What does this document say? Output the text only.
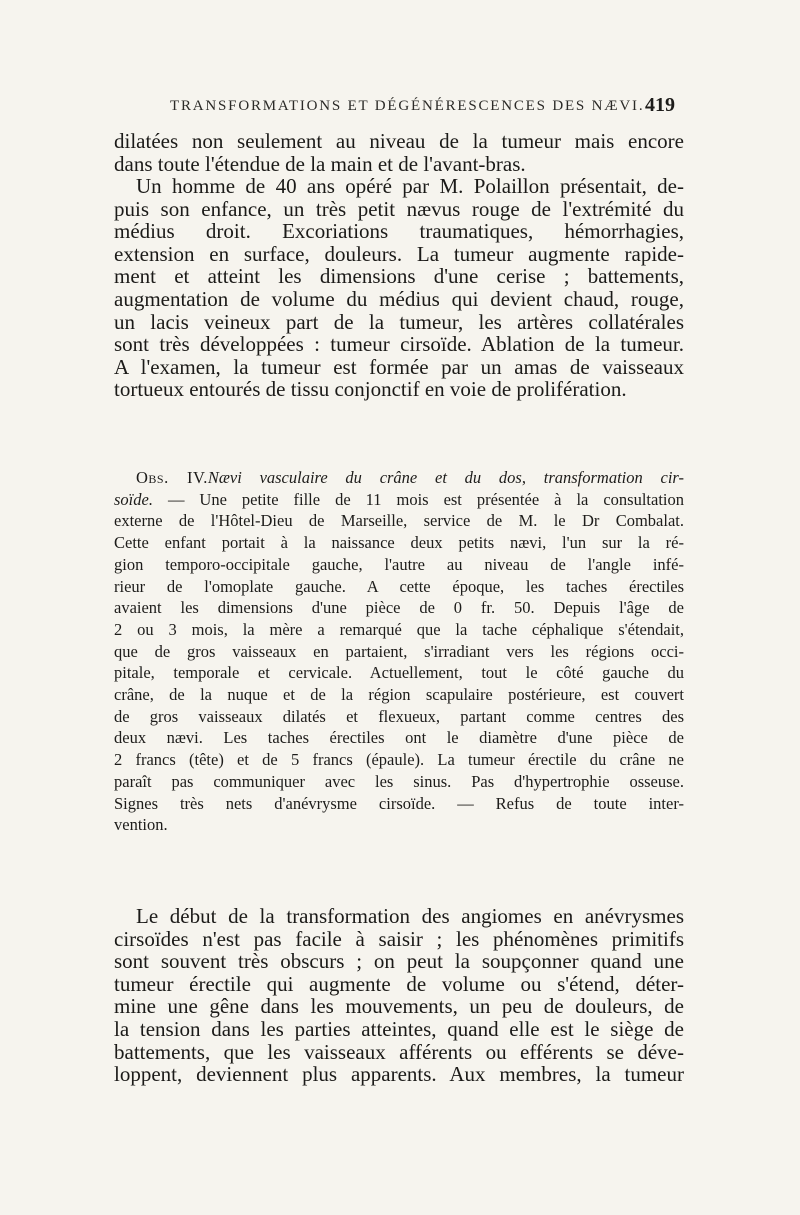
TRANSFORMATIONS ET DÉGÉNÉRESCENCES DES NÆVI. 419
dilatées non seulement au niveau de la tumeur mais encore
dans toute l'étendue de la main et de l'avant-bras.
Un homme de 40 ans opéré par M. Polaillon présentait, de-
puis son enfance, un très petit nævus rouge de l'extrémité du
médius droit. Excoriations traumatiques, hémorrhagies,
extension en surface, douleurs. La tumeur augmente rapide-
ment et atteint les dimensions d'une cerise ; battements,
augmentation de volume du médius qui devient chaud, rouge,
un lacis veineux part de la tumeur, les artères collatérales
sont très développées : tumeur cirsoïde. Ablation de la tumeur.
A l'examen, la tumeur est formée par un amas de vaisseaux
tortueux entourés de tissu conjonctif en voie de prolifération.
Obs. IV.Nævi vasculaire du crâne et du dos, transformation cir-
soïde. — Une petite fille de 11 mois est présentée à la consultation
externe de l'Hôtel-Dieu de Marseille, service de M. le Dr Combalat.
Cette enfant portait à la naissance deux petits nævi, l'un sur la ré-
gion temporo-occipitale gauche, l'autre au niveau de l'angle infé-
rieur de l'omoplate gauche. A cette époque, les taches érectiles
avaient les dimensions d'une pièce de 0 fr. 50. Depuis l'âge de
2 ou 3 mois, la mère a remarqué que la tache céphalique s'étendait,
que de gros vaisseaux en partaient, s'irradiant vers les régions occi-
pitale, temporale et cervicale. Actuellement, tout le côté gauche du
crâne, de la nuque et de la région scapulaire postérieure, est couvert
de gros vaisseaux dilatés et flexueux, partant comme centres des
deux nævi. Les taches érectiles ont le diamètre d'une pièce de
2 francs (tête) et de 5 francs (épaule). La tumeur érectile du crâne ne
paraît pas communiquer avec les sinus. Pas d'hypertrophie osseuse.
Signes très nets d'anévrysme cirsoïde. — Refus de toute inter-
vention.
Le début de la transformation des angiomes en anévrysmes
cirsoïdes n'est pas facile à saisir ; les phénomènes primitifs
sont souvent très obscurs ; on peut la soupçonner quand une
tumeur érectile qui augmente de volume ou s'étend, déter-
mine une gêne dans les mouvements, un peu de douleurs, de
la tension dans les parties atteintes, quand elle est le siège de
battements, que les vaisseaux afférents ou efférents se déve-
loppent, deviennent plus apparents. Aux membres, la tumeur
